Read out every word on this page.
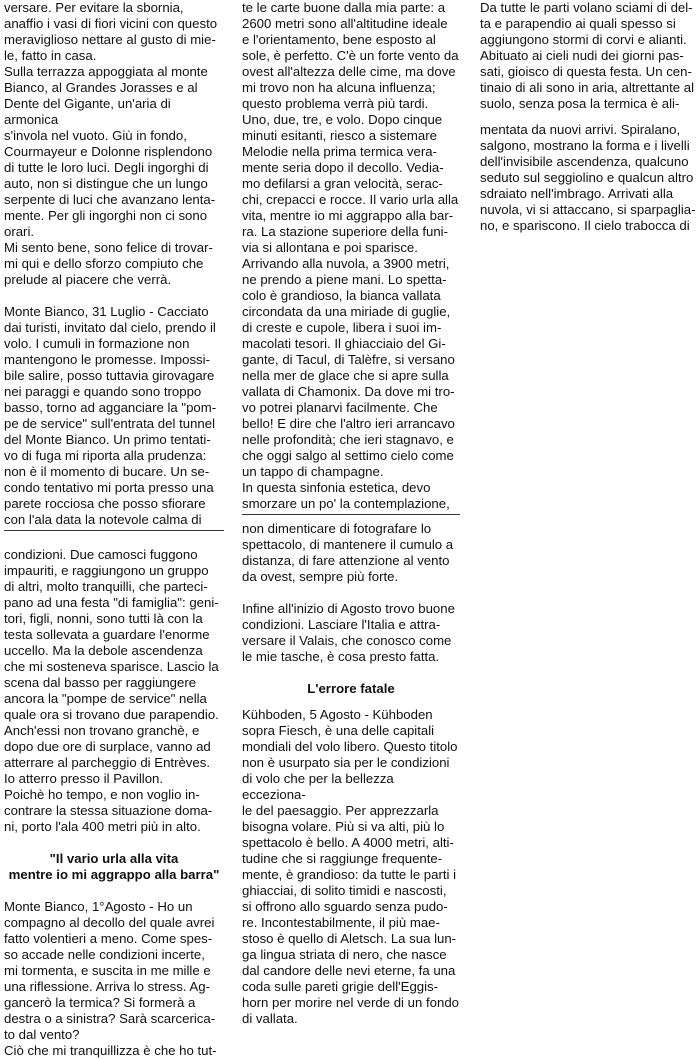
versare. Per evitare la sbornia,
anaffio i vasi di fiori vicini con questo
meraviglioso nettare al gusto di mie-
le, fatto in casa.

Sulla terrazza appoggiata al monte
Bianco, al Grandes Jorasses e al
Dente del Gigante, un'aria di armonica
s'invola nel vuoto. Giù in fondo,
Courmayeur e Dolonne risplendono
di tutte le loro luci. Degli ingorghi di
auto, non si distingue che un lungo
serpente di luci che avanzano lenta-
mente. Per gli ingorghi non ci sono
orari.

Mi sento bene, sono felice di trovar-
mi qui e dello sforzo compiuto che
prelude al piacere che verrà.

Monte Bianco, 31 Luglio - Cacciato
dai turisti, invitato dal cielo, prendo il
volo. I cumuli in formazione non
mantengono le promesse. Impossi-
bile salire, posso tuttavia girovagare
nei paraggi e quando sono troppo
basso, torno ad agganciare la "pom-
pe de service" sull'entrata del tunnel
del Monte Bianco. Un primo tentati-
vo di fuga mi riporta alla prudenza:
non è il momento di bucare. Un se-
condo tentativo mi porta presso una
parete rocciosa che posso sfiorare
con l'ala data la notevole calma di

condizioni. Due camosci fuggono
impauriti, e raggiungono un gruppo
di altri, molto tranquilli, che parteci-
pano ad una festa "di famiglia": geni-
tori, figli, nonni, sono tutti là con la
testa sollevata a guardare l'enorme
uccello. Ma la debole ascendenza
che mi sosteneva sparisce. Lascio la
scena dal basso per raggiungere
ancora la "pompe de service" nella
quale ora si trovano due parapendio.
Anch'essi non trovano granchè, e
dopo due ore di surplace, vanno ad
atterrare al parcheggio di Entrèves.
Io atterro presso il Pavillon.

Poichè ho tempo, e non voglio in-
contrare la stessa situazione doma-
ni, porto l'ala 400 metri più in alto.

"Il vario urla alla vita
mentre io mi aggrappo alla barra"

Monte Bianco, 1°Agosto - Ho un
compagno al decollo del quale avrei
fatto volentieri a meno. Come spes-
so accade nelle condizioni incerte,
mi tormenta, e suscita in me mille e
una riflessione. Arriva lo stress. Ag-
gancerò la termica? Si formerà a
destra o a sinistra? Sarà scarcerica-
to dal vento?

Ciò che mi tranquillizza è che ho tut-

te le carte buone dalla mia parte: a
2600 metri sono all'altitudine ideale
e l'orientamento, bene esposto al
sole, è perfetto. C'è un forte vento da
ovest all'altezza delle cime, ma dove
mi trovo non ha alcuna influenza;
questo problema verrà più tardi.

Uno, due, tre, e volo. Dopo cinque
minuti esitanti, riesco a sistemare
Melodie nella prima termica vera-
mente seria dopo il decollo. Vedia-
mo defilarsi a gran velocità, serac-
chi, crepacci e rocce. Il vario urla alla
vita, mentre io mi aggrappo alla bar-
ra. La stazione superiore della funi-
via si allontana e poi sparisce.

Arrivando alla nuvola, a 3900 metri,
ne prendo a piene mani. Lo spetta-
colo è grandioso, la bianca vallata
circondata da una miriade di guglie,
di creste e cupole, libera i suoi im-
macolati tesori. Il ghiacciaio del Gi-
gante, di Tacul, di Talèfre, si versano
nella mer de glace che si apre sulla
vallata di Chamonix. Da dove mi tro-
vo potrei planarvi facilmente. Che
bello! E dire che l'altro ieri arrancavo
nelle profondità; che ieri stagnavo, e
che oggi salgo al settimo cielo come
un tappo di champagne.

In questa sinfonia estetica, devo
smorzare un po' la contemplazione,

non dimenticare di fotografare lo
spettacolo, di mantenere il cumulo a
distanza, di fare attenzione al vento
da ovest, sempre più forte.

Infine all'inizio di Agosto trovo buone
condizioni. Lasciare l'Italia e attra-
versare il Valais, che conosco come
le mie tasche, è cosa presto fatta.

L'errore fatale

Kühboden, 5 Agosto - Kühboden
sopra Fiesch, è una delle capitali
mondiali del volo libero. Questo titolo
non è usurpato sia per le condizioni
di volo che per la bellezza ecceziona-
le del paesaggio. Per apprezzarla
bisogna volare. Più si va alti, più lo
spettacolo è bello. A 4000 metri, alti-
tudine che si raggiunge frequente-
mente, è grandioso: da tutte le parti i
ghiacciai, di solito timidi e nascosti,
si offrono allo sguardo senza pudo-
re. Incontestabilmente, il più mae-
stoso è quello di Aletsch. La sua lun-
ga lingua striata di nero, che nasce
dal candore delle nevi eterne, fa una
coda sulle pareti grigie dell'Eggis-
horn per morire nel verde di un fondo
di vallata.

Da tutte le parti volano sciami di del-
ta e parapendio ai quali spesso si
aggiungono stormi di corvi e alianti.
Abituato ai cieli nudi dei giorni pas-
sati, gioisco di questa festa. Un cen-
tinaio di ali sono in aria, altrettante al
suolo, senza posa la termica è ali-

mentata da nuovi arrivi. Spiralano,
salgono, mostrano la forma e i livelli
dell'invisibile ascendenza, qualcuno
seduto sul seggiolino e qualcun altro
sdraiato nell'imbrago. Arrivati alla
nuvola, vi si attaccano, si sparpaglia-
no, e spariscono. Il cielo trabocca di
